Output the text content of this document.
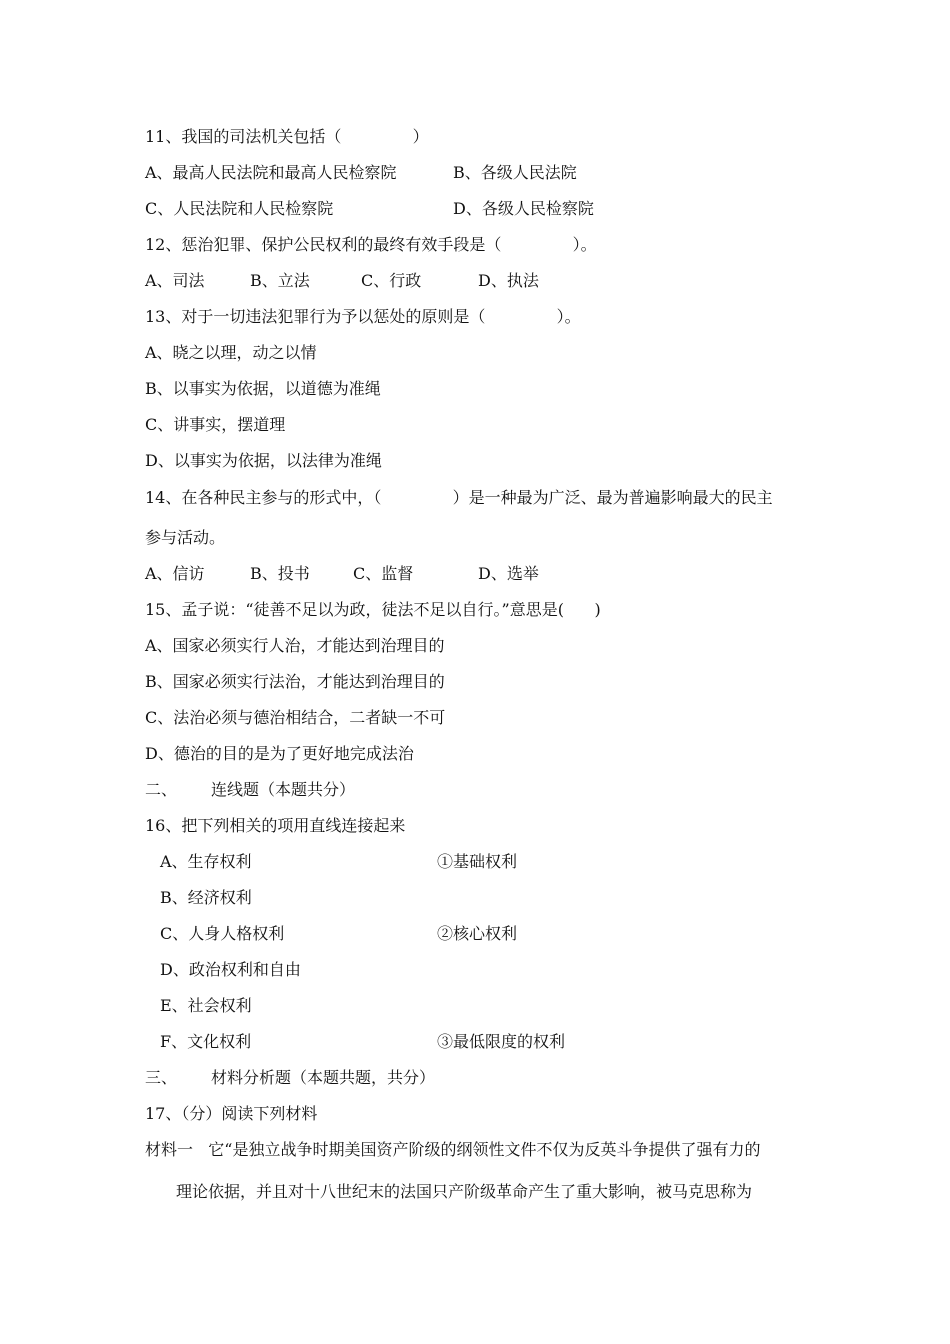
11、我国的司法机关包括（              ）
A、最高人民法院和最高人民检察院	B、各级人民法院
C、人民法院和人民检察院	D、各级人民检察院
12、惩治犯罪、保护公民权利的最终有效手段是（              ）。
A、司法	B、立法	C、行政	D、执法
13、对于一切违法犯罪行为予以惩处的原则是（              ）。
A、晓之以理，动之以情
B、以事实为依据，以道德为准绳
C、讲事实，摆道理
D、以事实为依据，以法律为准绳
14、在各种民主参与的形式中，（              ）是一种最为广泛、最为普遍影响最大的民主
参与活动。
A、信访	B、投书	C、监督	D、选举
15、孟子说：“徒善不足以为政，徒法不足以自行。”意思是(      )
A、国家必须实行人治，才能达到治理目的
B、国家必须实行法治，才能达到治理目的
C、法治必须与德治相结合，二者缺一不可
D、德治的目的是为了更好地完成法治
二、 连线题（本题共分）
16、把下列相关的项用直线连接起来
A、生存权利	①基础权利
B、经济权利
C、人身人格权利	②核心权利
D、政治权利和自由
E、社会权利
F、文化权利	③最低限度的权利
三、 材料分析题（本题共题，共分）
17、（分）阅读下列材料
材料一   它“是独立战争时期美国资产阶级的纲领性文件不仅为反英斗争提供了强有力的
理论依据，并且对十八世纪末的法国只产阶级革命产生了重大影响，被马克思称为
